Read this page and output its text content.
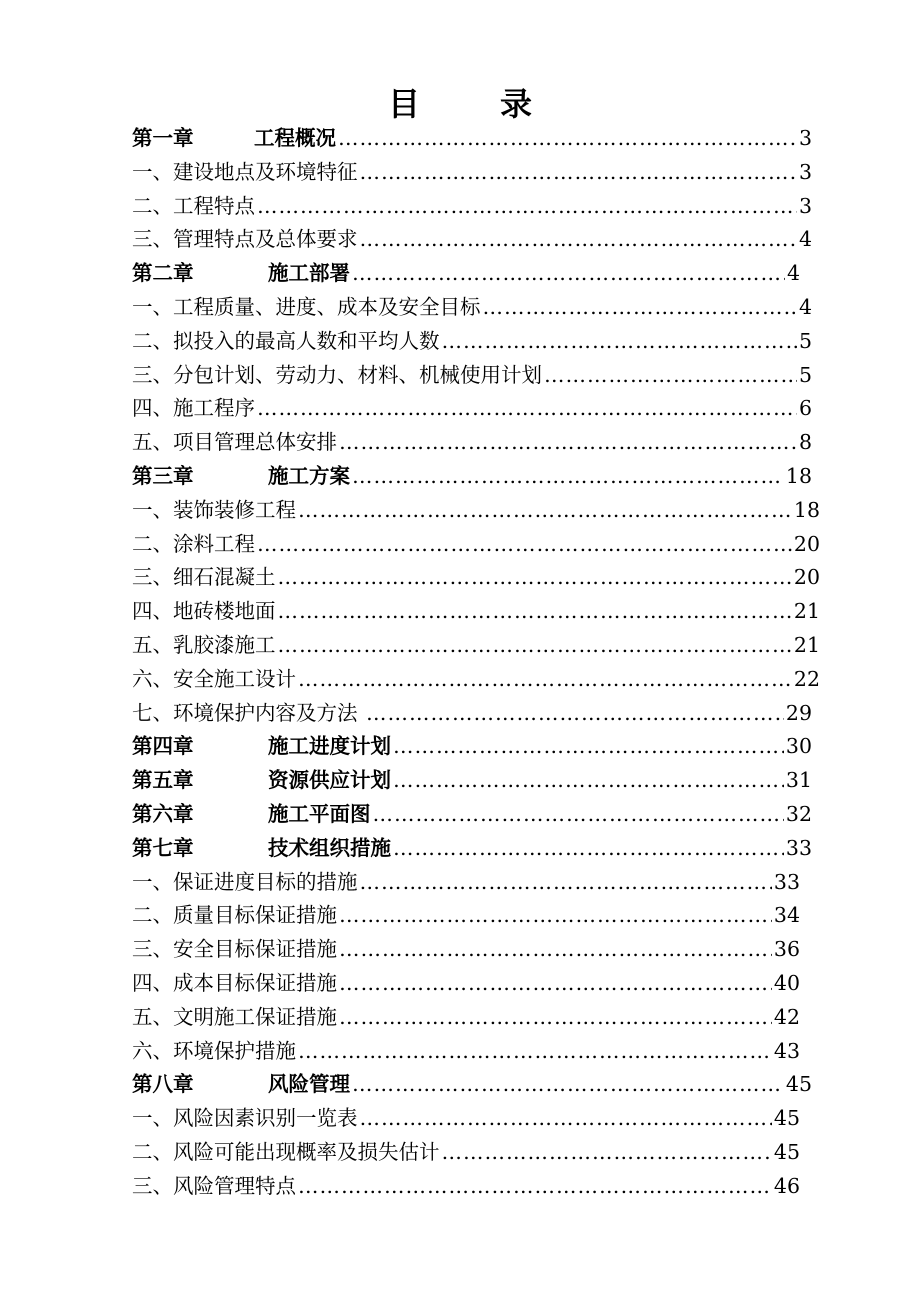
目	录
第一章	工程概况 ……………………………………………………………………………………………………………………………………………………	3
一、建设地点及环境特征 ……………………………………………………………………………………………………………………………………………………	3
二、工程特点 ……………………………………………………………………………………………………………………………………………………	3
三、管理特点及总体要求 ……………………………………………………………………………………………………………………………………………………	4
第二章	施工部署 ……………………………………………………………………………………………………………………………………………………	4
一、工程质量、进度、成本及安全目标 ……………………………………………………………………………………………………………………………………………………	4
二、拟投入的最高人数和平均人数 ……………………………………………………………………………………………………………………………………………………	5
三、分包计划、劳动力、材料、机械使用计划 ……………………………………………………………………………………………………………………………………………………	5
四、施工程序 ……………………………………………………………………………………………………………………………………………………	6
五、项目管理总体安排 ……………………………………………………………………………………………………………………………………………………	8
第三章	施工方案 ……………………………………………………………………………………………………………………………………………………	18
一、装饰装修工程 ……………………………………………………………………………………………………………………………………………………	18
二、涂料工程 ……………………………………………………………………………………………………………………………………………………	20
三、细石混凝土 ……………………………………………………………………………………………………………………………………………………	20
四、地砖楼地面 ……………………………………………………………………………………………………………………………………………………	21
五、乳胶漆施工 ……………………………………………………………………………………………………………………………………………………	21
六、安全施工设计 ……………………………………………………………………………………………………………………………………………………	22
七、环境保护内容及方法 ……………………………………………………………………………………………………………………………………………………	29
第四章	施工进度计划 ……………………………………………………………………………………………………………………………………………………	30
第五章	资源供应计划 ……………………………………………………………………………………………………………………………………………………	31
第六章	施工平面图 ……………………………………………………………………………………………………………………………………………………	32
第七章	技术组织措施 ……………………………………………………………………………………………………………………………………………………	33
一、保证进度目标的措施 ……………………………………………………………………………………………………………………………………………………	33
二、质量目标保证措施 ……………………………………………………………………………………………………………………………………………………	34
三、安全目标保证措施 ……………………………………………………………………………………………………………………………………………………	36
四、成本目标保证措施 ……………………………………………………………………………………………………………………………………………………	40
五、文明施工保证措施 ……………………………………………………………………………………………………………………………………………………	42
六、环境保护措施 ……………………………………………………………………………………………………………………………………………………	43
第八章	风险管理 ……………………………………………………………………………………………………………………………………………………	45
一、风险因素识别一览表 ……………………………………………………………………………………………………………………………………………………	45
二、风险可能出现概率及损失估计 ……………………………………………………………………………………………………………………………………………………	45
三、风险管理特点 ……………………………………………………………………………………………………………………………………………………	46
